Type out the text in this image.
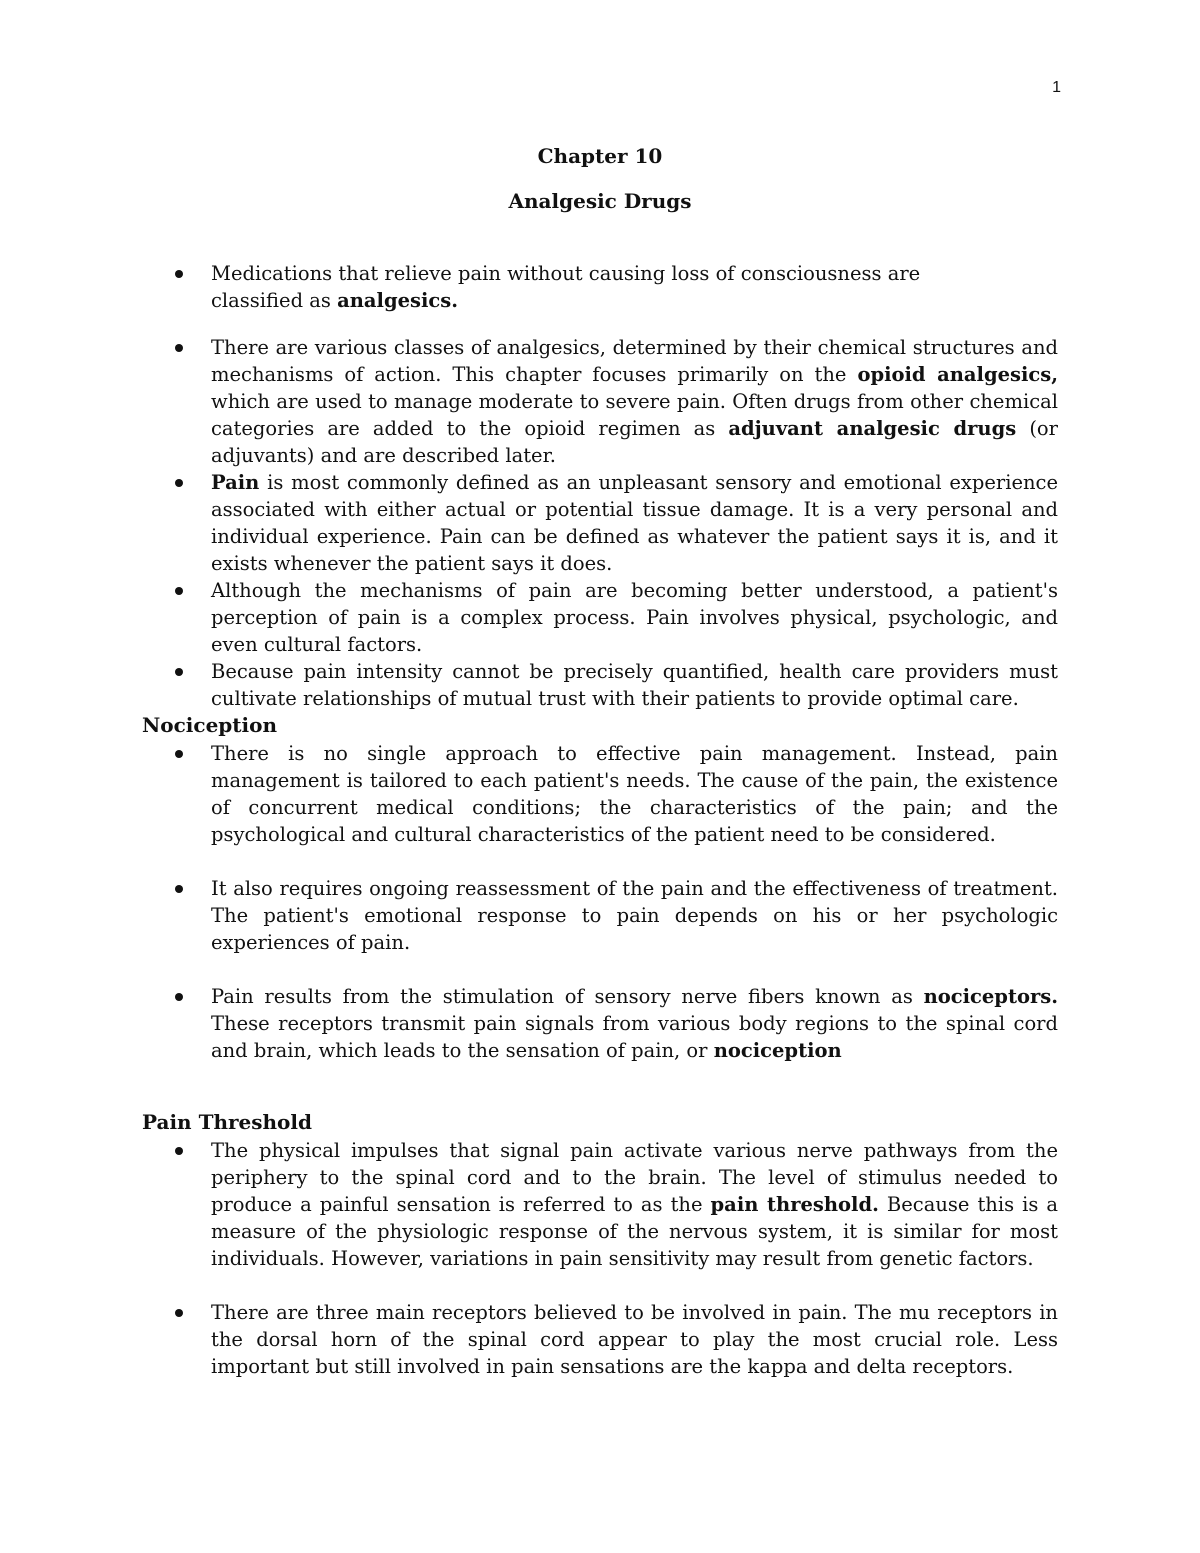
1
Chapter 10
Analgesic Drugs
Medications that relieve pain without causing loss of consciousness are classified as analgesics.
There are various classes of analgesics, determined by their chemical structures and mechanisms of action. This chapter focuses primarily on the opioid analgesics, which are used to manage moderate to severe pain. Often drugs from other chemical categories are added to the opioid regimen as adjuvant analgesic drugs (or adjuvants) and are described later.
Pain is most commonly defined as an unpleasant sensory and emotional experience associated with either actual or potential tissue damage. It is a very personal and individual experience. Pain can be defined as whatever the patient says it is, and it exists whenever the patient says it does.
Although the mechanisms of pain are becoming better understood, a patient's perception of pain is a complex process. Pain involves physical, psychologic, and even cultural factors.
Because pain intensity cannot be precisely quantified, health care providers must cultivate relationships of mutual trust with their patients to provide optimal care.
Nociception
There is no single approach to effective pain management. Instead, pain management is tailored to each patient's needs. The cause of the pain, the existence of concurrent medical conditions; the characteristics of the pain; and the psychological and cultural characteristics of the patient need to be considered.
It also requires ongoing reassessment of the pain and the effectiveness of treatment. The patient's emotional response to pain depends on his or her psychologic experiences of pain.
Pain results from the stimulation of sensory nerve fibers known as nociceptors. These receptors transmit pain signals from various body regions to the spinal cord and brain, which leads to the sensation of pain, or nociception
Pain Threshold
The physical impulses that signal pain activate various nerve pathways from the periphery to the spinal cord and to the brain. The level of stimulus needed to produce a painful sensation is referred to as the pain threshold. Because this is a measure of the physiologic response of the nervous system, it is similar for most individuals. However, variations in pain sensitivity may result from genetic factors.
There are three main receptors believed to be involved in pain. The mu receptors in the dorsal horn of the spinal cord appear to play the most crucial role. Less important but still involved in pain sensations are the kappa and delta receptors.
